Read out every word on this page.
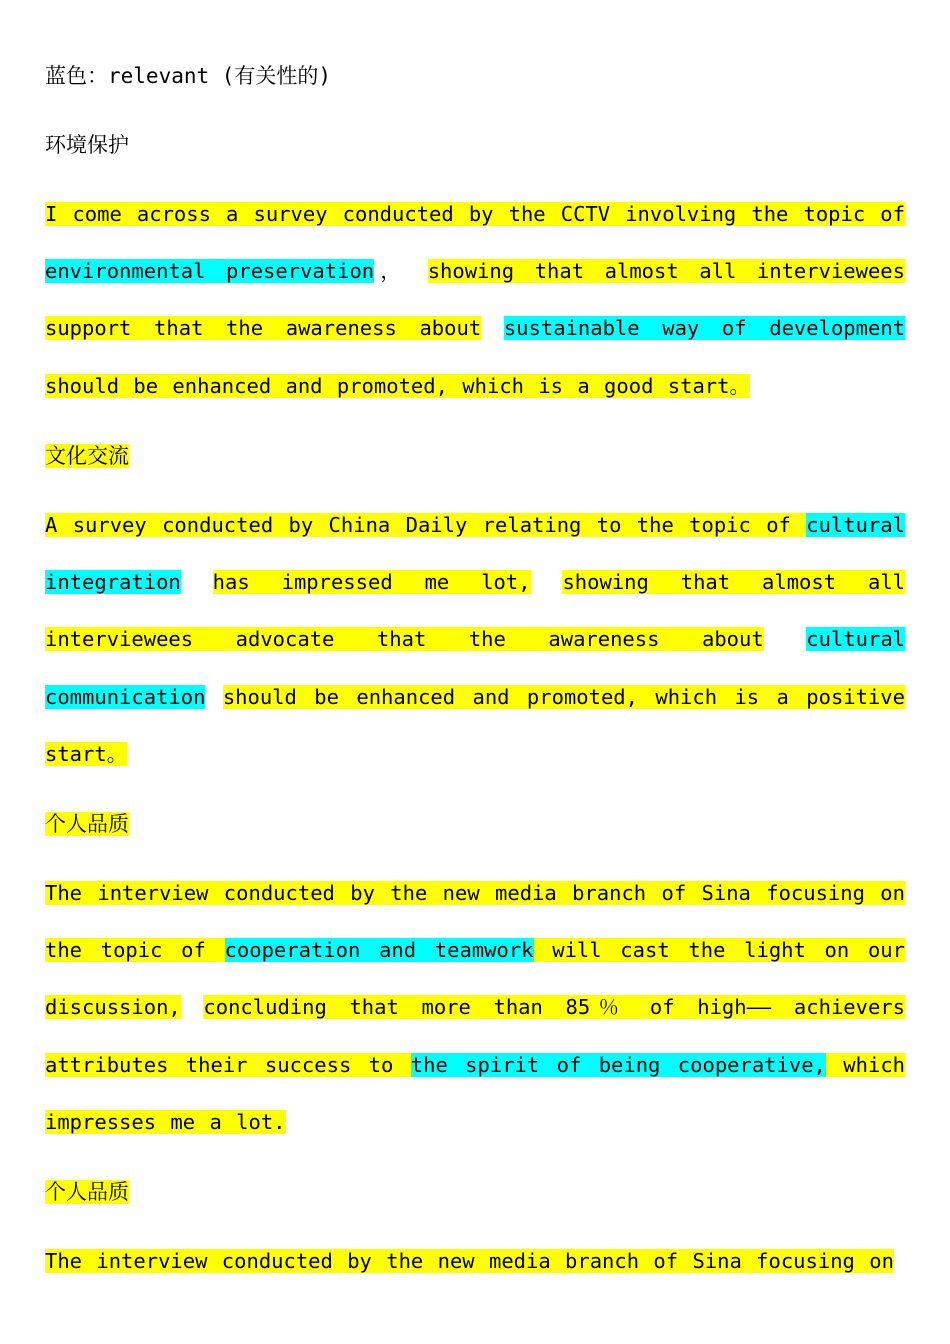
蓝色：relevant (有关性的)

环境保护

I come across a survey conducted by the CCTV involving the topic of environmental preservation， showing that almost all interviewees support that the awareness about sustainable way of development should be enhanced and promoted, which is a good start。

文化交流

A survey conducted by China Daily relating to the topic of cultural integration has impressed me lot, showing that almost all interviewees advocate that the awareness about cultural communication should be enhanced and promoted, which is a positive start。

个人品质

The interview conducted by the new media branch of Sina focusing on the topic of cooperation and teamwork will cast the light on our discussion, concluding that more than 85％ of high—— achievers attributes their success to the spirit of being cooperative, which impresses me a lot.

个人品质

The interview conducted by the new media branch of Sina focusing on
